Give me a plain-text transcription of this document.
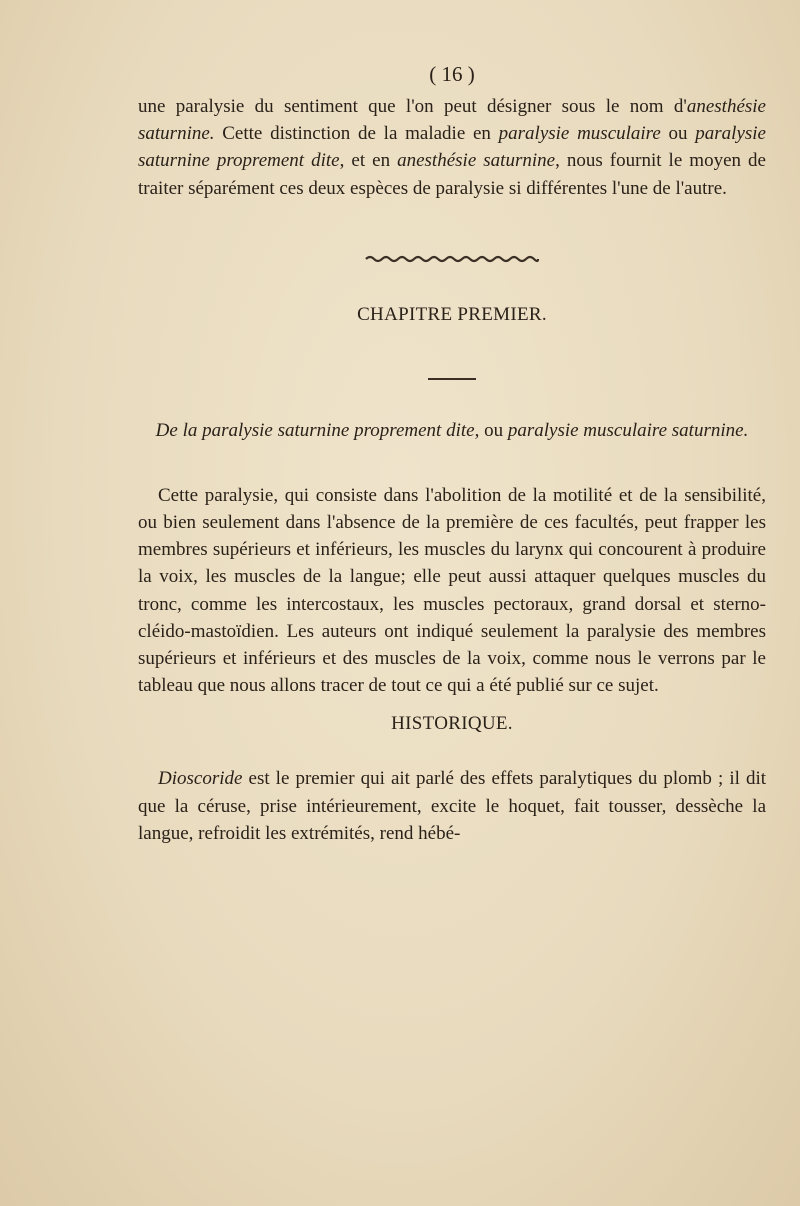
( 16 )

une paralysie du sentiment que l'on peut désigner sous le nom d'anesthésie saturnine. Cette distinction de la maladie en paralysie musculaire ou paralysie saturnine proprement dite, et en anesthésie saturnine, nous fournit le moyen de traiter séparément ces deux espèces de paralysie si différentes l'une de l'autre.

CHAPITRE PREMIER.
De la paralysie saturnine proprement dite, ou paralysie musculaire saturnine.

Cette paralysie, qui consiste dans l'abolition de la motilité et de la sensibilité, ou bien seulement dans l'absence de la première de ces facultés, peut frapper les membres supérieurs et inférieurs, les muscles du larynx qui concourent à produire la voix, les muscles de la langue; elle peut aussi attaquer quelques muscles du tronc, comme les intercostaux, les muscles pectoraux, grand dorsal et sterno-cléido-mastoïdien. Les auteurs ont indiqué seulement la paralysie des membres supérieurs et inférieurs et des muscles de la voix, comme nous le verrons par le tableau que nous allons tracer de tout ce qui a été publié sur ce sujet.

HISTORIQUE.

Dioscoride est le premier qui ait parlé des effets paralytiques du plomb ; il dit que la céruse, prise intérieurement, excite le hoquet, fait tousser, dessèche la langue, refroidit les extrémités, rend hébé-
